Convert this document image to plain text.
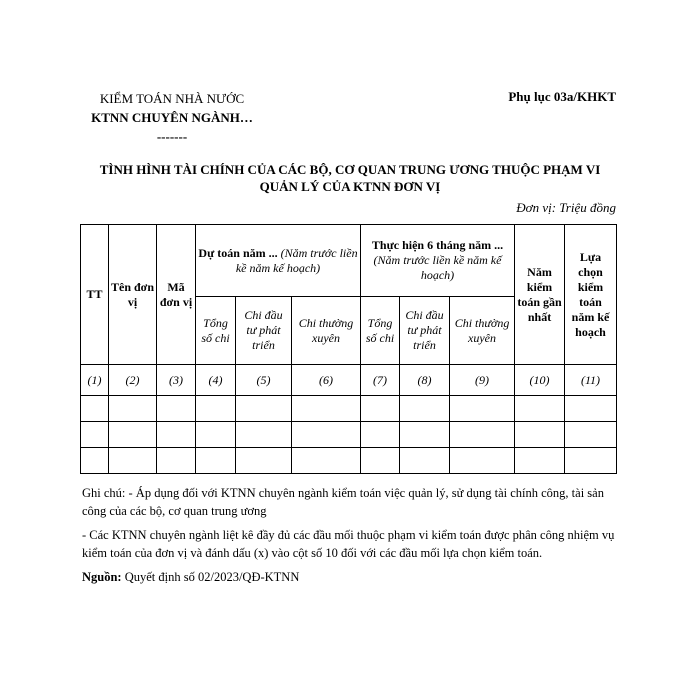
KIỂM TOÁN NHÀ NƯỚC
KTNN CHUYÊN NGÀNH…
-------
Phụ lục 03a/KHKT
TÌNH HÌNH TÀI CHÍNH CỦA CÁC BỘ, CƠ QUAN TRUNG ƯƠNG THUỘC PHẠM VI
QUẢN LÝ CỦA KTNN ĐƠN VỊ
Đơn vị: Triệu đồng
TT	Tên đơn vị	Mã đơn vị	Dự toán năm ... (Năm trước liền kề năm kế hoạch)			Thực hiện 6 tháng năm ... (Năm trước liền kề năm kế hoạch)			Năm kiểm toán gần nhất	Lựa chọn kiểm toán năm kế hoạch
			Tổng số chi	Chi đầu tư phát triển	Chi thường xuyên	Tổng số chi	Chi đầu tư phát triển	Chi thường xuyên		
(1)	(2)	(3)	(4)	(5)	(6)	(7)	(8)	(9)	(10)	(11)

Ghi chú: - Áp dụng đối với KTNN chuyên ngành kiểm toán việc quản lý, sử dụng tài chính công, tài sản công của các bộ, cơ quan trung ương

- Các KTNN chuyên ngành liệt kê đầy đủ các đầu mối thuộc phạm vi kiểm toán được phân công nhiệm vụ kiểm toán của đơn vị và đánh dấu (x) vào cột số 10 đối với các đầu mối lựa chọn kiểm toán.

Nguồn: Quyết định số 02/2023/QĐ-KTNN
